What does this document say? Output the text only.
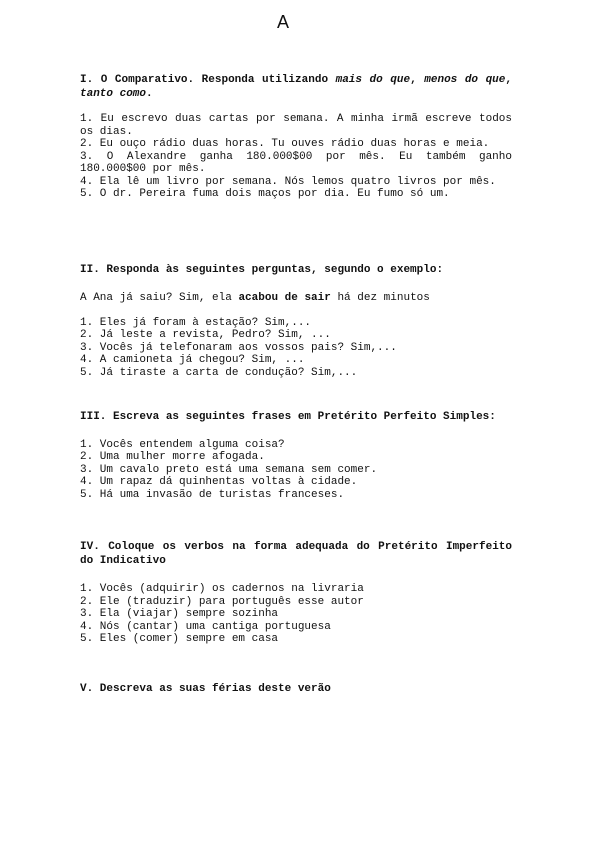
A

I. O Comparativo. Responda utilizando mais do que, menos do que, tanto como.

1. Eu escrevo duas cartas por semana. A minha irmã escreve todos os dias.
2. Eu ouço rádio duas horas. Tu ouves rádio duas horas e meia.
3. O Alexandre ganha 180.000$00 por mês. Eu também ganho 180.000$00 por mês.
4. Ela lê um livro por semana. Nós lemos quatro livros por mês.
5. O dr. Pereira fuma dois maços por dia. Eu fumo só um.

II. Responda às seguintes perguntas, segundo o exemplo:

A Ana já saiu? Sim, ela acabou de sair há dez minutos

1. Eles já foram à estação? Sim,...
2. Já leste a revista, Pedro? Sim, ...
3. Vocês já telefonaram aos vossos pais? Sim,...
4. A camioneta já chegou? Sim, ...
5. Já tiraste a carta de condução? Sim,...

III. Escreva as seguintes frases em Pretérito Perfeito Simples:

1. Vocês entendem alguma coisa?
2. Uma mulher morre afogada.
3. Um cavalo preto está uma semana sem comer.
4. Um rapaz dá quinhentas voltas à cidade.
5. Há uma invasão de turistas franceses.

IV. Coloque os verbos na forma adequada do Pretérito Imperfeito do Indicativo

1. Vocês (adquirir) os cadernos na livraria
2. Ele (traduzir) para português esse autor
3. Ela (viajar) sempre sozinha
4. Nós (cantar) uma cantiga portuguesa
5. Eles (comer) sempre em casa

V. Descreva as suas férias deste verão
